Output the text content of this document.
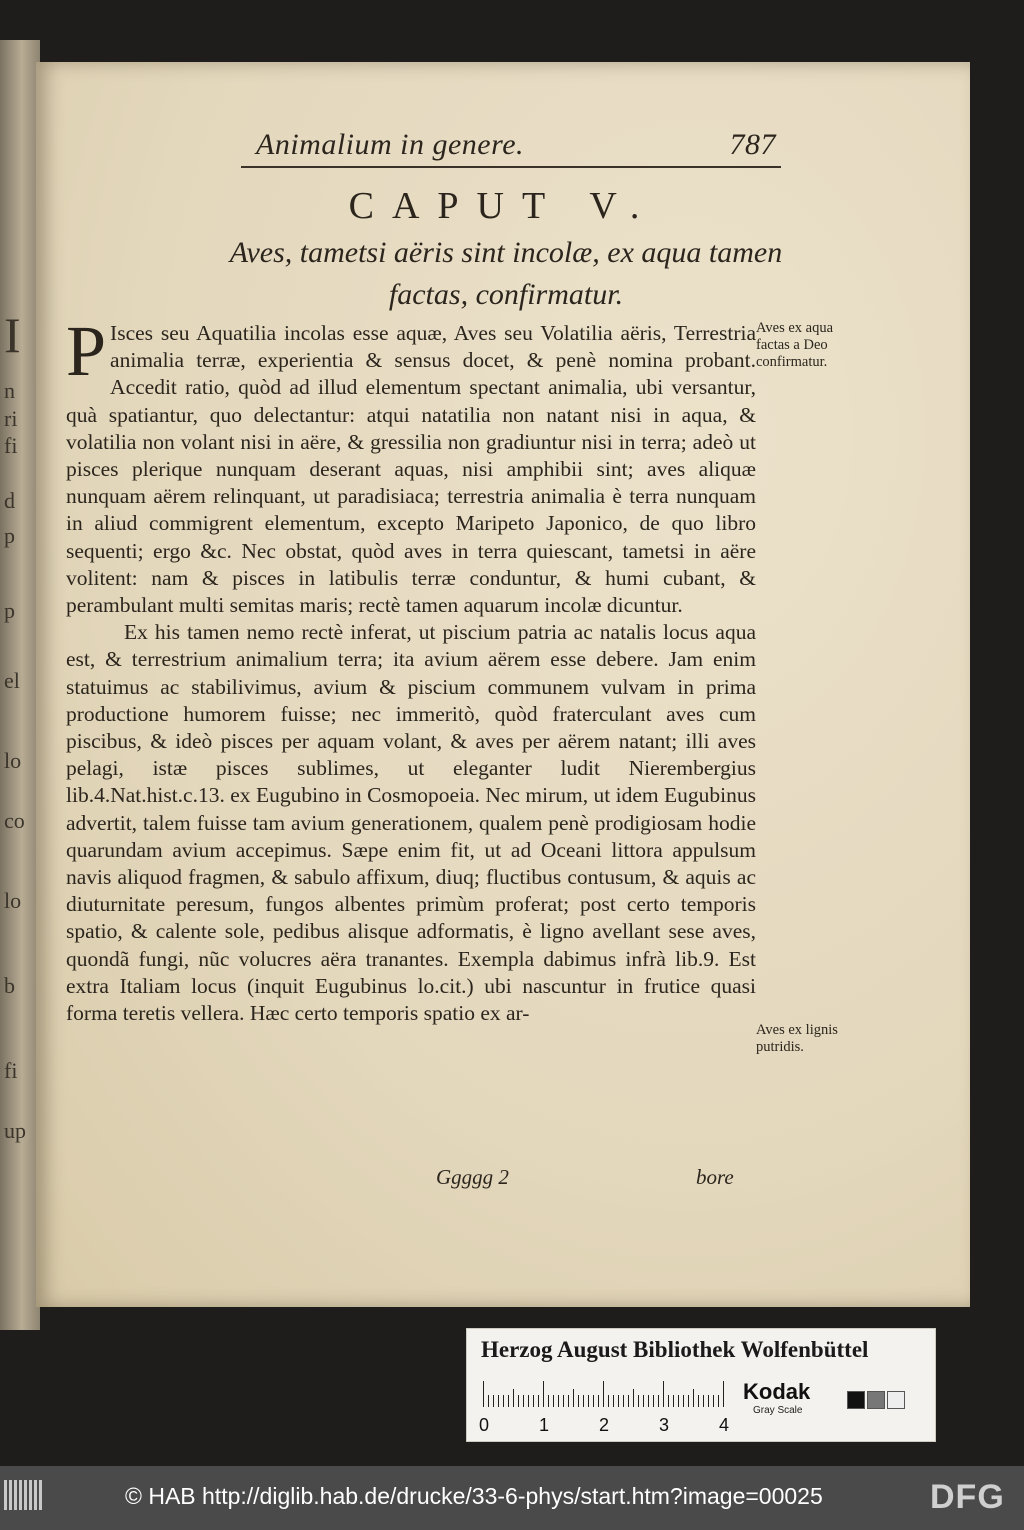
I
n
ri
fi
d
p
p
el
lo
co
lo
b
fi
up
Animalium in genere.	787
CAPUT V.
Aves, tametsi aëris sint incolæ, ex aqua tamen
factas, confirmatur.

P Isces seu Aquatilia incolas esse aquæ, Aves seu Volatilia aëris, Terrestria animalia terræ, experientia & sensus docet, & penè nomina probant. Accedit ratio, quòd ad illud elementum spectant animalia, ubi versantur, quà spatiantur, quo delectantur: atqui natatilia non natant nisi in aqua, & volatilia non volant nisi in aëre, & gressilia non gradiuntur nisi in terra; adeò ut pisces plerique nunquam deserant aquas, nisi amphibii sint; aves aliquæ nunquam aërem relinquant, ut paradisiaca; terrestria animalia è terra nunquam in aliud commigrent elementum, excepto Maripeto Japonico, de quo libro sequenti; ergo &c. Nec obstat, quòd aves in terra quiescant, tametsi in aëre volitent: nam & pisces in latibulis terræ conduntur, & humi cubant, & perambulant multi semitas maris; rectè tamen aquarum incolæ dicuntur.

Ex his tamen nemo rectè inferat, ut piscium patria ac natalis locus aqua est, & terrestrium animalium terra; ita avium aërem esse debere. Jam enim statuimus ac stabilivimus, avium & piscium communem vulvam in prima productione humorem fuisse; nec immeritò, quòd fraterculant aves cum piscibus, & ideò pisces per aquam volant, & aves per aërem natant; illi aves pelagi, istæ pisces sublimes, ut eleganter ludit Nierembergius lib.4.Nat.hist.c.13. ex Eugubino in Cosmopoeia. Nec mirum, ut idem Eugubinus advertit, talem fuisse tam avium generationem, qualem penè prodigiosam hodie quarundam avium accepimus. Sæpe enim fit, ut ad Oceani littora appulsum navis aliquod fragmen, & sabulo affixum, diuq; fluctibus contusum, & aquis ac diuturnitate peresum, fungos albentes primùm proferat; post certo temporis spatio, & calente sole, pedibus alisque adformatis, è ligno avellant sese aves, quondã fungi, nũc volucres aëra tranantes. Exempla dabimus infrà lib.9. Est extra Italiam locus (inquit Eugubinus lo.cit.) ubi nascuntur in frutice quasi forma teretis vellera. Hæc certo temporis spatio ex ar-

Aves ex aqua factas a Deo confirmatur.
Aves ex lignis putridis.
Ggggg 2	bore
Herzog August Bibliothek Wolfenbüttel
0	1	2	3	4
Kodak
Gray Scale
© HAB http://diglib.hab.de/drucke/33-6-phys/start.htm?image=00025	DFG
